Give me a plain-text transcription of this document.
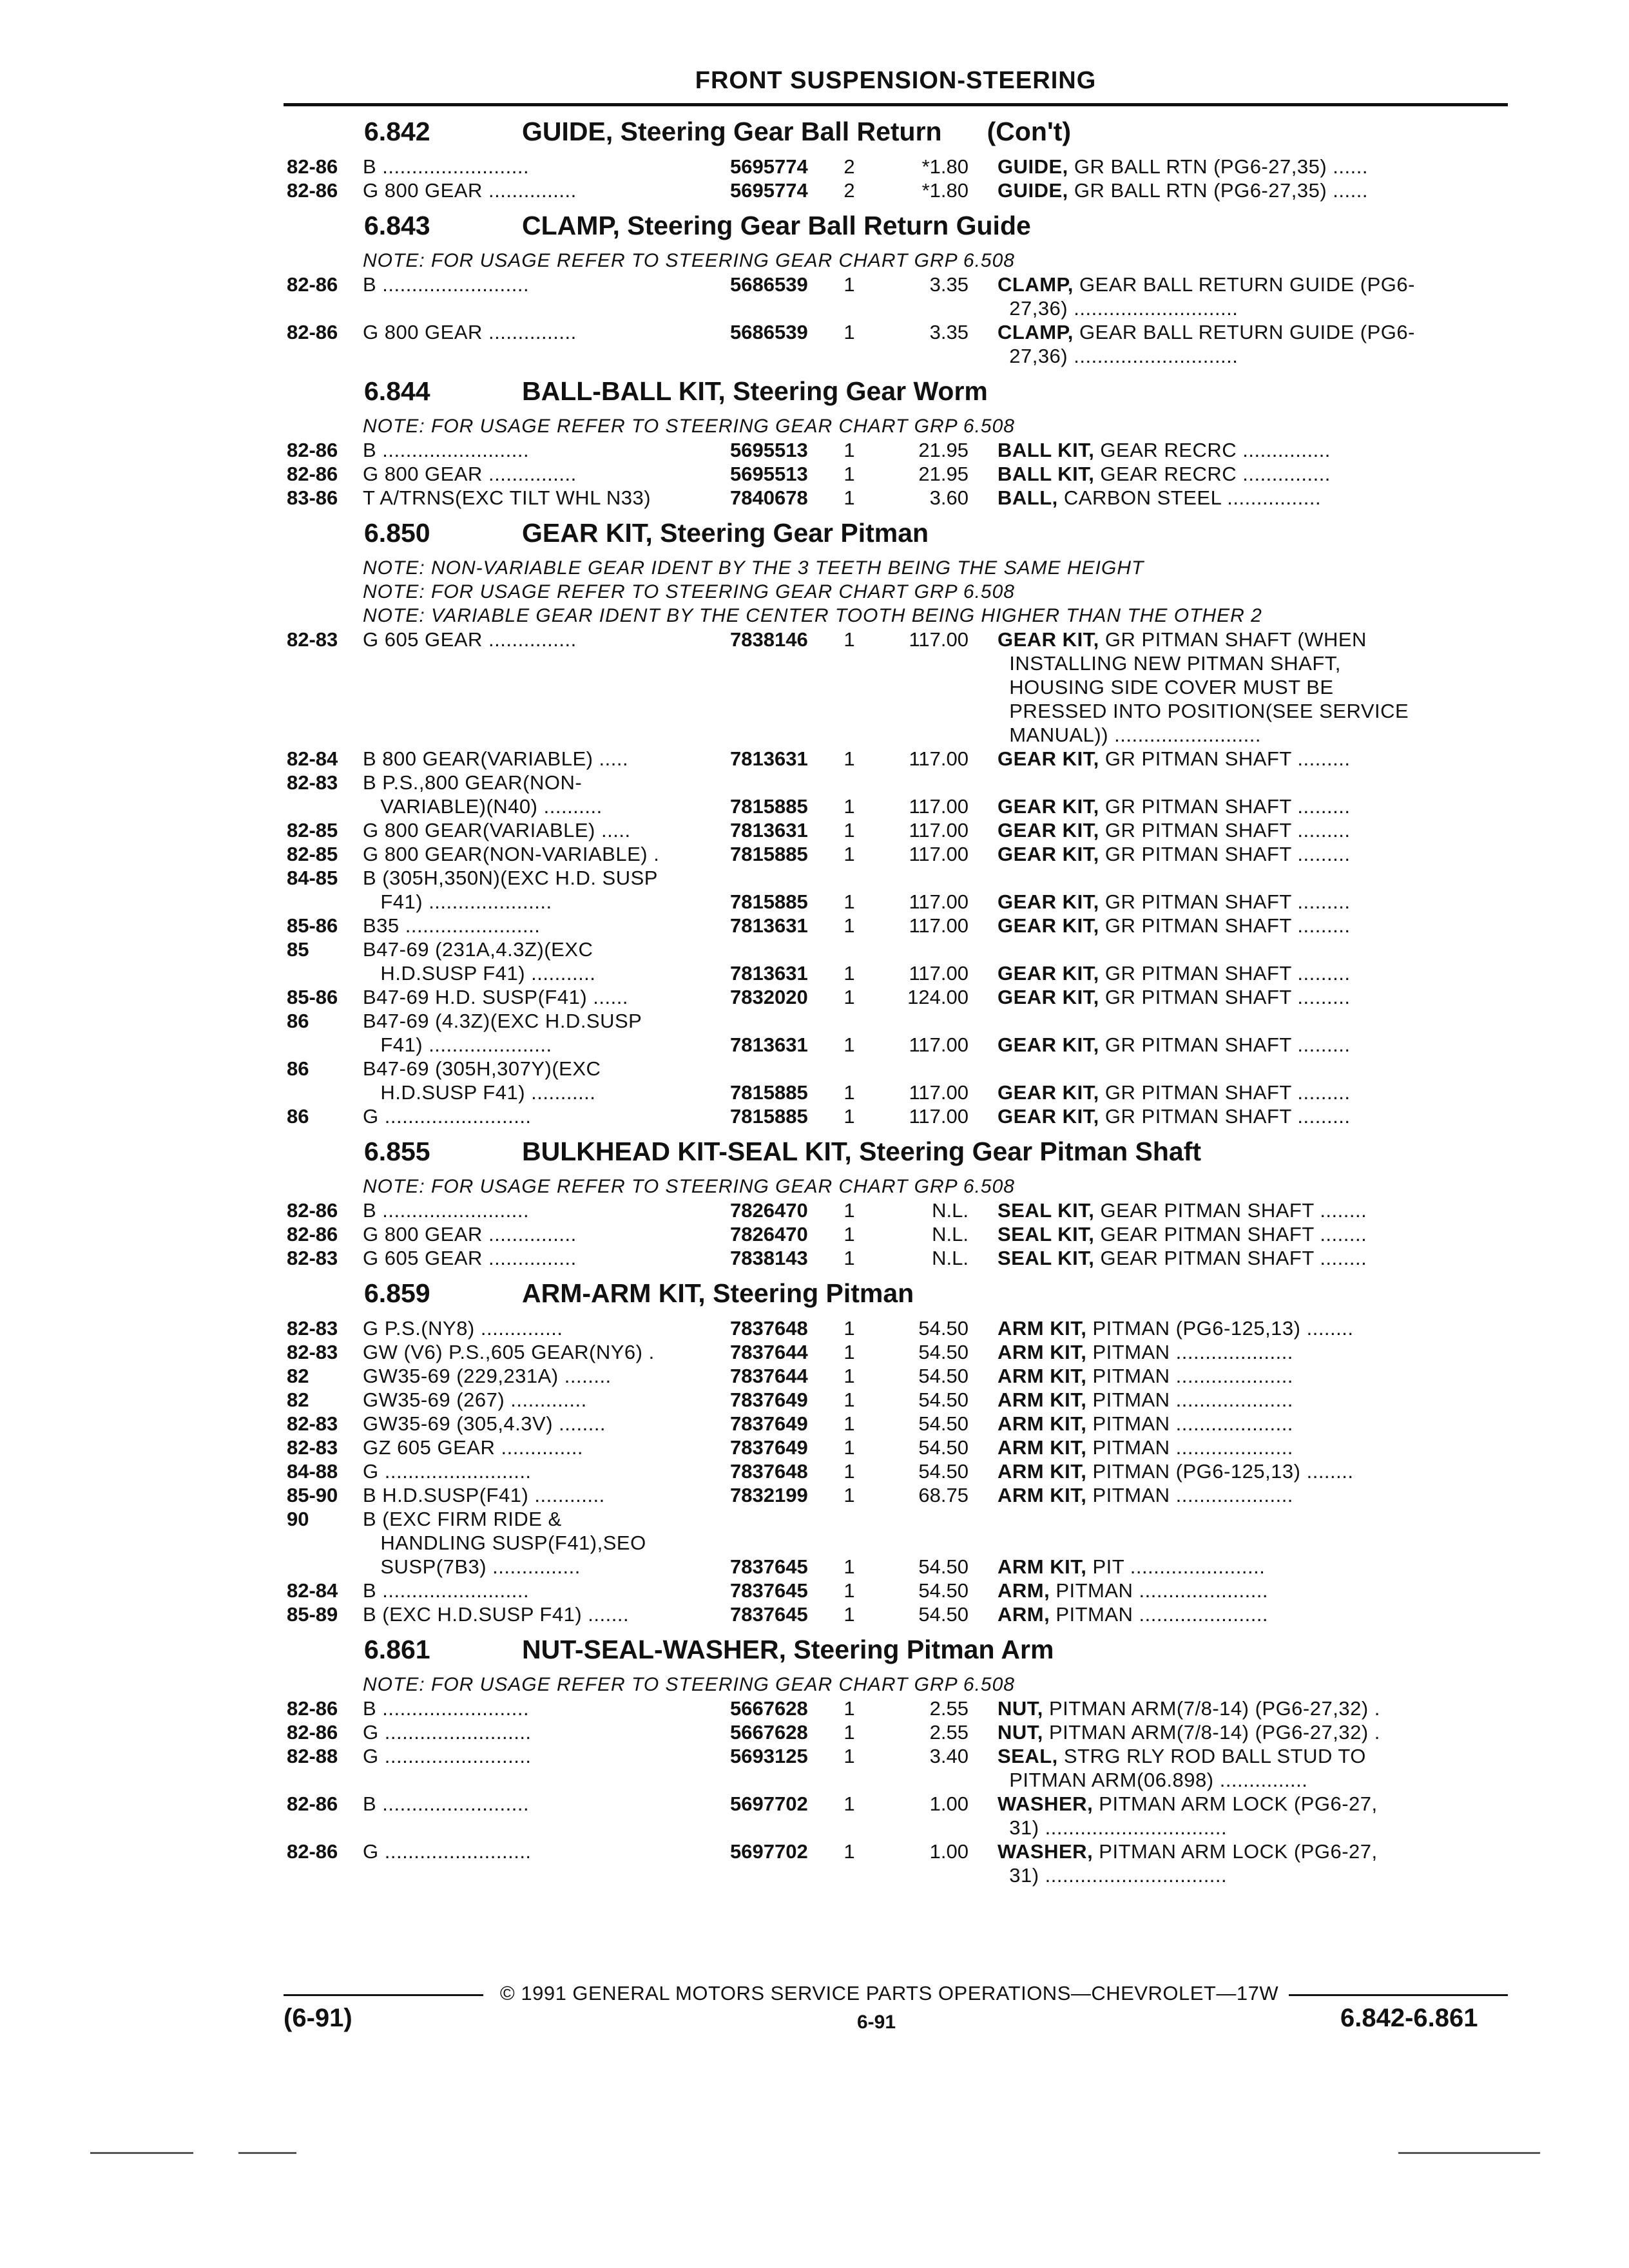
FRONT SUSPENSION-STEERING
6.842	GUIDE, Steering Gear Ball Return (Con't)
82-86	B .........................	5695774	2	*1.80	GUIDE, GR BALL RTN (PG6-27,35) ......
82-86	G 800 GEAR ...............	5695774	2	*1.80	GUIDE, GR BALL RTN (PG6-27,35) ......
6.843	CLAMP, Steering Gear Ball Return Guide
NOTE: FOR USAGE REFER TO STEERING GEAR CHART GRP 6.508
82-86	B .........................	5686539	1	3.35	CLAMP, GEAR BALL RETURN GUIDE (PG6-
27,36) ............................
82-86	G 800 GEAR ...............	5686539	1	3.35	CLAMP, GEAR BALL RETURN GUIDE (PG6-
27,36) ............................
6.844	BALL-BALL KIT, Steering Gear Worm
NOTE: FOR USAGE REFER TO STEERING GEAR CHART GRP 6.508
82-86	B .........................	5695513	1	21.95	BALL KIT, GEAR RECRC ...............
82-86	G 800 GEAR ...............	5695513	1	21.95	BALL KIT, GEAR RECRC ...............
83-86	T A/TRNS(EXC TILT WHL N33)	7840678	1	3.60	BALL, CARBON STEEL ................
6.850	GEAR KIT, Steering Gear Pitman
NOTE: NON-VARIABLE GEAR IDENT BY THE 3 TEETH BEING THE SAME HEIGHT
NOTE: FOR USAGE REFER TO STEERING GEAR CHART GRP 6.508
NOTE: VARIABLE GEAR IDENT BY THE CENTER TOOTH BEING HIGHER THAN THE OTHER 2
82-83	G 605 GEAR ...............	7838146	1	117.00	GEAR KIT, GR PITMAN SHAFT (WHEN
INSTALLING NEW PITMAN SHAFT,
HOUSING SIDE COVER MUST BE
PRESSED INTO POSITION(SEE SERVICE
MANUAL)) .........................
82-84	B 800 GEAR(VARIABLE) .....	7813631	1	117.00	GEAR KIT, GR PITMAN SHAFT .........
82-83	B P.S.,800 GEAR(NON-
VARIABLE)(N40) ..........	7815885	1	117.00	GEAR KIT, GR PITMAN SHAFT .........
82-85	G 800 GEAR(VARIABLE) .....	7813631	1	117.00	GEAR KIT, GR PITMAN SHAFT .........
82-85	G 800 GEAR(NON-VARIABLE) .	7815885	1	117.00	GEAR KIT, GR PITMAN SHAFT .........
84-85	B (305H,350N)(EXC H.D. SUSP
F41) .....................	7815885	1	117.00	GEAR KIT, GR PITMAN SHAFT .........
85-86	B35 .......................	7813631	1	117.00	GEAR KIT, GR PITMAN SHAFT .........
85	B47-69 (231A,4.3Z)(EXC
H.D.SUSP F41) ...........	7813631	1	117.00	GEAR KIT, GR PITMAN SHAFT .........
85-86	B47-69 H.D. SUSP(F41) ......	7832020	1	124.00	GEAR KIT, GR PITMAN SHAFT .........
86	B47-69 (4.3Z)(EXC H.D.SUSP
F41) .....................	7813631	1	117.00	GEAR KIT, GR PITMAN SHAFT .........
86	B47-69 (305H,307Y)(EXC
H.D.SUSP F41) ...........	7815885	1	117.00	GEAR KIT, GR PITMAN SHAFT .........
86	G .........................	7815885	1	117.00	GEAR KIT, GR PITMAN SHAFT .........
6.855	BULKHEAD KIT-SEAL KIT, Steering Gear Pitman Shaft
NOTE: FOR USAGE REFER TO STEERING GEAR CHART GRP 6.508
82-86	B .........................	7826470	1	N.L.	SEAL KIT, GEAR PITMAN SHAFT ........
82-86	G 800 GEAR ...............	7826470	1	N.L.	SEAL KIT, GEAR PITMAN SHAFT ........
82-83	G 605 GEAR ...............	7838143	1	N.L.	SEAL KIT, GEAR PITMAN SHAFT ........
6.859	ARM-ARM KIT, Steering Pitman
82-83	G P.S.(NY8) ..............	7837648	1	54.50	ARM KIT, PITMAN (PG6-125,13) ........
82-83	GW (V6) P.S.,605 GEAR(NY6) .	7837644	1	54.50	ARM KIT, PITMAN ....................
82	GW35-69 (229,231A) ........	7837644	1	54.50	ARM KIT, PITMAN ....................
82	GW35-69 (267) .............	7837649	1	54.50	ARM KIT, PITMAN ....................
82-83	GW35-69 (305,4.3V) ........	7837649	1	54.50	ARM KIT, PITMAN ....................
82-83	GZ 605 GEAR ..............	7837649	1	54.50	ARM KIT, PITMAN ....................
84-88	G .........................	7837648	1	54.50	ARM KIT, PITMAN (PG6-125,13) ........
85-90	B H.D.SUSP(F41) ............	7832199	1	68.75	ARM KIT, PITMAN ....................
90	B (EXC FIRM RIDE &
HANDLING SUSP(F41),SEO
SUSP(7B3) ...............	7837645	1	54.50	ARM KIT, PIT .......................
82-84	B .........................	7837645	1	54.50	ARM, PITMAN ......................
85-89	B (EXC H.D.SUSP F41) .......	7837645	1	54.50	ARM, PITMAN ......................
6.861	NUT-SEAL-WASHER, Steering Pitman Arm
NOTE: FOR USAGE REFER TO STEERING GEAR CHART GRP 6.508
82-86	B .........................	5667628	1	2.55	NUT, PITMAN ARM(7/8-14) (PG6-27,32) .
82-86	G .........................	5667628	1	2.55	NUT, PITMAN ARM(7/8-14) (PG6-27,32) .
82-88	G .........................	5693125	1	3.40	SEAL, STRG RLY ROD BALL STUD TO
PITMAN ARM(06.898) ...............
82-86	B .........................	5697702	1	1.00	WASHER, PITMAN ARM LOCK (PG6-27,
31) ...............................
82-86	G .........................	5697702	1	1.00	WASHER, PITMAN ARM LOCK (PG6-27,
31) ...............................
© 1991 GENERAL MOTORS SERVICE PARTS OPERATIONS—CHEVROLET—17W
(6-91)	6-91	6.842-6.861
